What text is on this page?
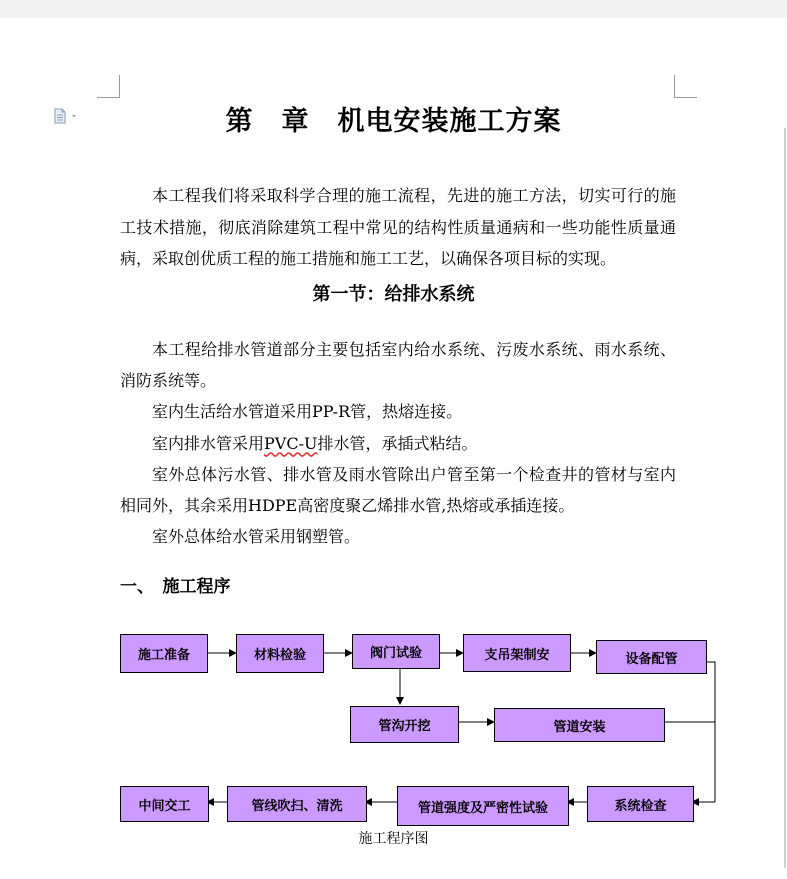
第　章　机电安装施工方案

本工程我们将采取科学合理的施工流程，先进的施工方法，切实可行的施工技术措施，彻底消除建筑工程中常见的结构性质量通病和一些功能性质量通病，采取创优质工程的施工措施和施工工艺，以确保各项目标的实现。

第一节：给排水系统

本工程给排水管道部分主要包括室内给水系统、污废水系统、雨水系统、消防系统等。

室内生活给水管道采用PP-R管，热熔连接。

室内排水管采用PVC-U排水管，承插式粘结。

室外总体污水管、排水管及雨水管除出户管至第一个检查井的管材与室内相同外，其余采用HDPE高密度聚乙烯排水管,热熔或承插连接。

室外总体给水管采用钢塑管。

一、　施工程序
施工准备	材料检验	阀门试验	支吊架制安	设备配管
管沟开挖	管道安装
系统检查
管道强度及严密性试验
管线吹扫、清洗
中间交工
施工程序图
